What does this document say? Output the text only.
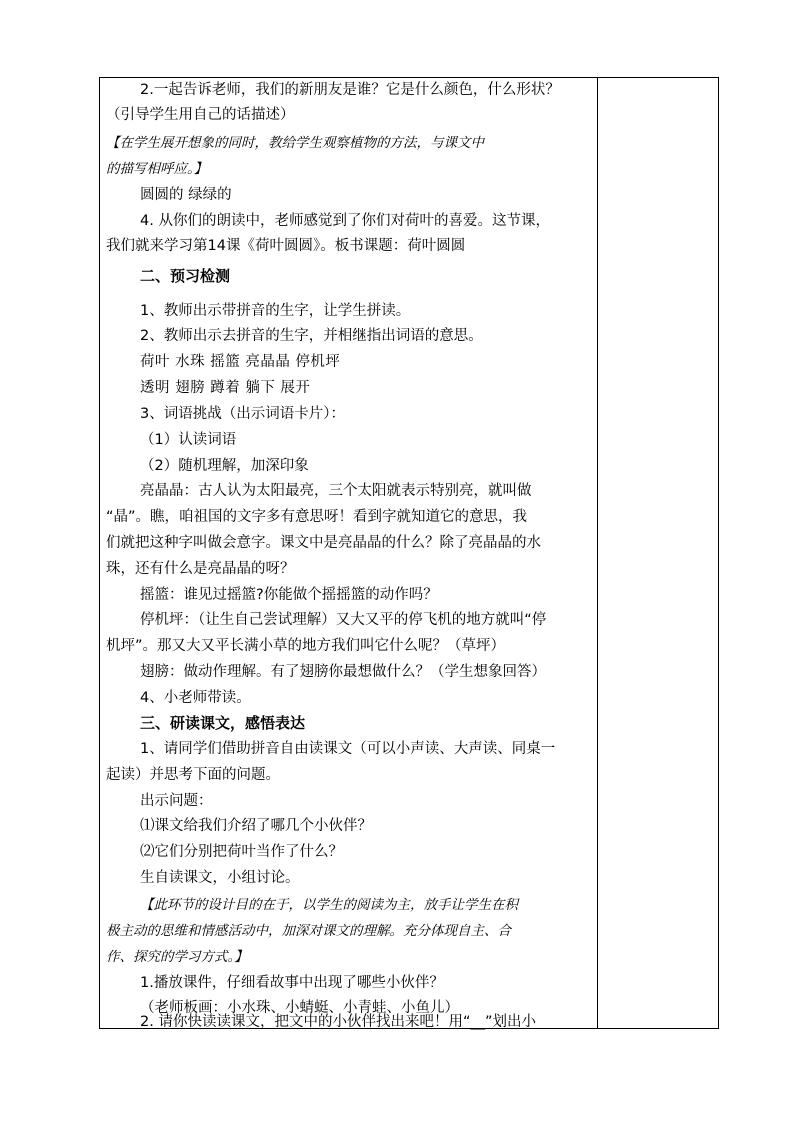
2.一起告诉老师，我们的新朋友是谁？它是什么颜色，什么形状？
（引导学生用自己的话描述）
【在学生展开想象的同时，教给学生观察植物的方法，与课文中
的描写相呼应。】
圆圆的 绿绿的
4. 从你们的朗读中，老师感觉到了你们对荷叶的喜爱。这节课，
我们就来学习第14课《荷叶圆圆》。板书课题：荷叶圆圆
二、预习检测
1、教师出示带拼音的生字，让学生拼读。
2、教师出示去拼音的生字，并相继指出词语的意思。
荷叶 水珠 摇篮 亮晶晶 停机坪
透明 翅膀 蹲着 躺下 展开
3、词语挑战（出示词语卡片）：
（1）认读词语
（2）随机理解，加深印象
亮晶晶：古人认为太阳最亮，三个太阳就表示特别亮，就叫做
“晶”。瞧，咱祖国的文字多有意思呀！看到字就知道它的意思，我
们就把这种字叫做会意字。课文中是亮晶晶的什么？除了亮晶晶的水
珠，还有什么是亮晶晶的呀？
摇篮：谁见过摇篮?你能做个摇摇篮的动作吗？
停机坪：（让生自己尝试理解）又大又平的停飞机的地方就叫“停
机坪”。那又大又平长满小草的地方我们叫它什么呢？（草坪）
翅膀：做动作理解。有了翅膀你最想做什么？（学生想象回答）
4、小老师带读。
三、研读课文，感悟表达
1、请同学们借助拼音自由读课文（可以小声读、大声读、同桌一
起读）并思考下面的问题。
出示问题：
⑴课文给我们介绍了哪几个小伙伴？
⑵它们分别把荷叶当作了什么？
生自读课文，小组讨论。
【此环节的设计目的在于，以学生的阅读为主，放手让学生在积
极主动的思维和情感活动中，加深对课文的理解。充分体现自主、合
作、探究的学习方式。】
1.播放课件，仔细看故事中出现了哪些小伙伴？
（老师板画：小水珠、小蜻蜓、小青蛙、小鱼儿）
2. 请你快读读课文，把文中的小伙伴找出来吧！用“__”划出小
